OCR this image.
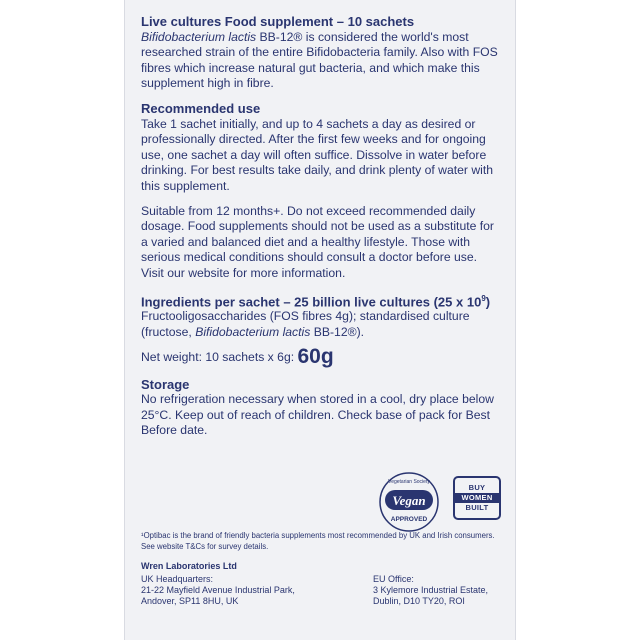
Live cultures Food supplement – 10 sachets

Bifidobacterium lactis BB-12® is considered the world's most researched strain of the entire Bifidobacteria family. Also with FOS fibres which increase natural gut bacteria, and which make this supplement high in fibre.

Recommended use

Take 1 sachet initially, and up to 4 sachets a day as desired or professionally directed. After the first few weeks and for ongoing use, one sachet a day will often suffice. Dissolve in water before drinking. For best results take daily, and drink plenty of water with this supplement.

Suitable from 12 months+. Do not exceed recommended daily dosage. Food supplements should not be used as a substitute for a varied and balanced diet and a healthy lifestyle. Those with serious medical conditions should consult a doctor before use. Visit our website for more information.

Ingredients per sachet – 25 billion live cultures (25 x $10^9$)

Fructooligosaccharides (FOS fibres 4g); standardised culture (fructose, Bifidobacterium lactis BB-12®).

Net weight: 10 sachets x 6g: 60g
Storage

No refrigeration necessary when stored in a cool, dry place below 25°C. Keep out of reach of children. Check base of pack for Best Before date.

Vegetarian Society
Vegan
APPROVED
BUY
WOMEN
BUILT
¹Optibac is the brand of friendly bacteria supplements most recommended by UK and Irish consumers. See website T&Cs for survey details.
Wren Laboratories Ltd
UK Headquarters:
21-22 Mayfield Avenue Industrial Park,
Andover, SP11 8HU, UK
EU Office:
3 Kylemore Industrial Estate,
Dublin, D10 TY20, ROI
